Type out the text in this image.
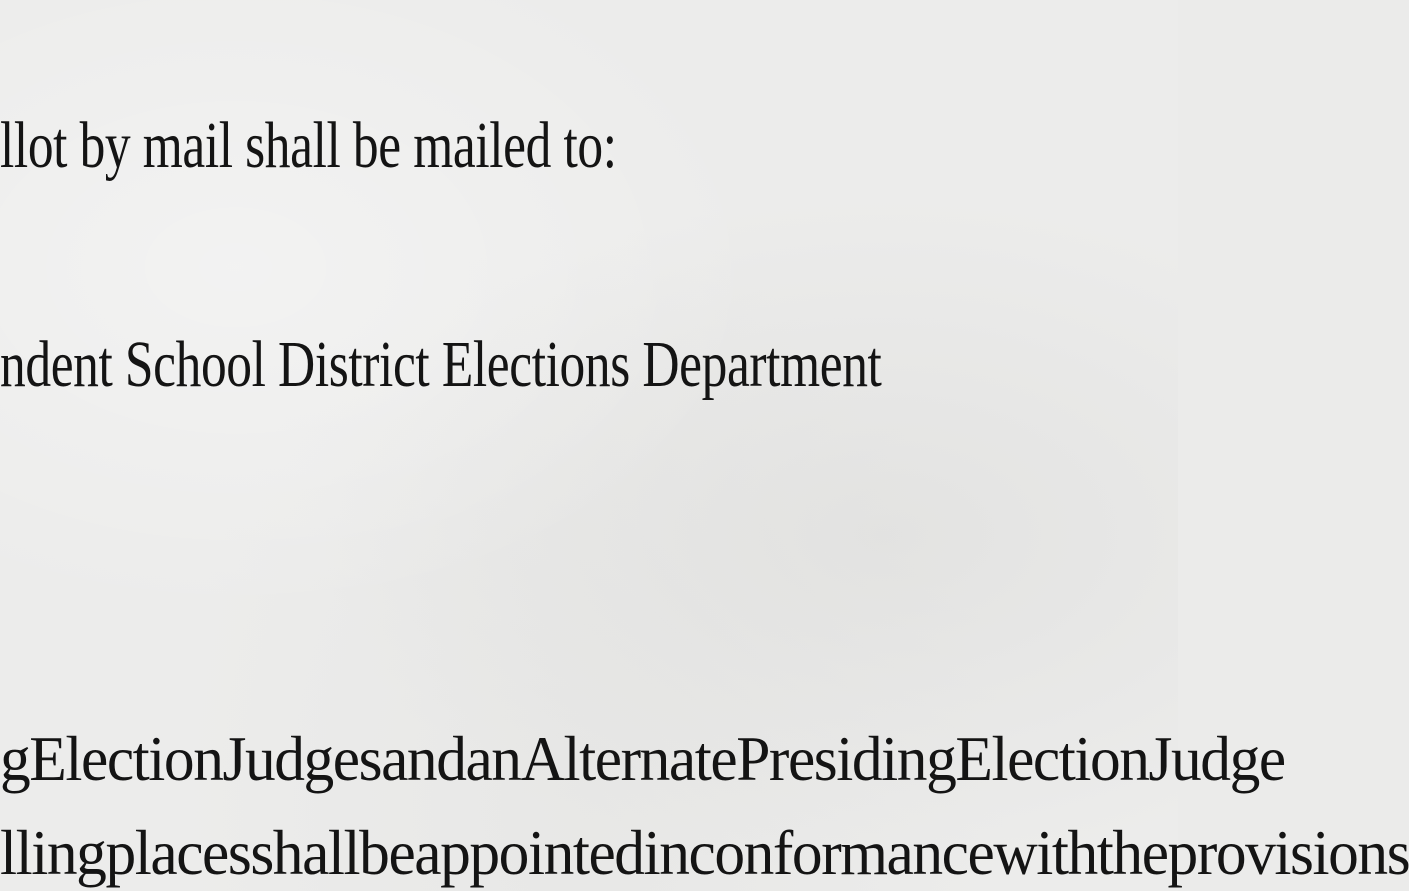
llot by mail shall be mailed to:
ndent School District Elections Department
g Election Judges and an Alternate Presiding Election Judge
lling places shall be appointed in conformance with the provisions
